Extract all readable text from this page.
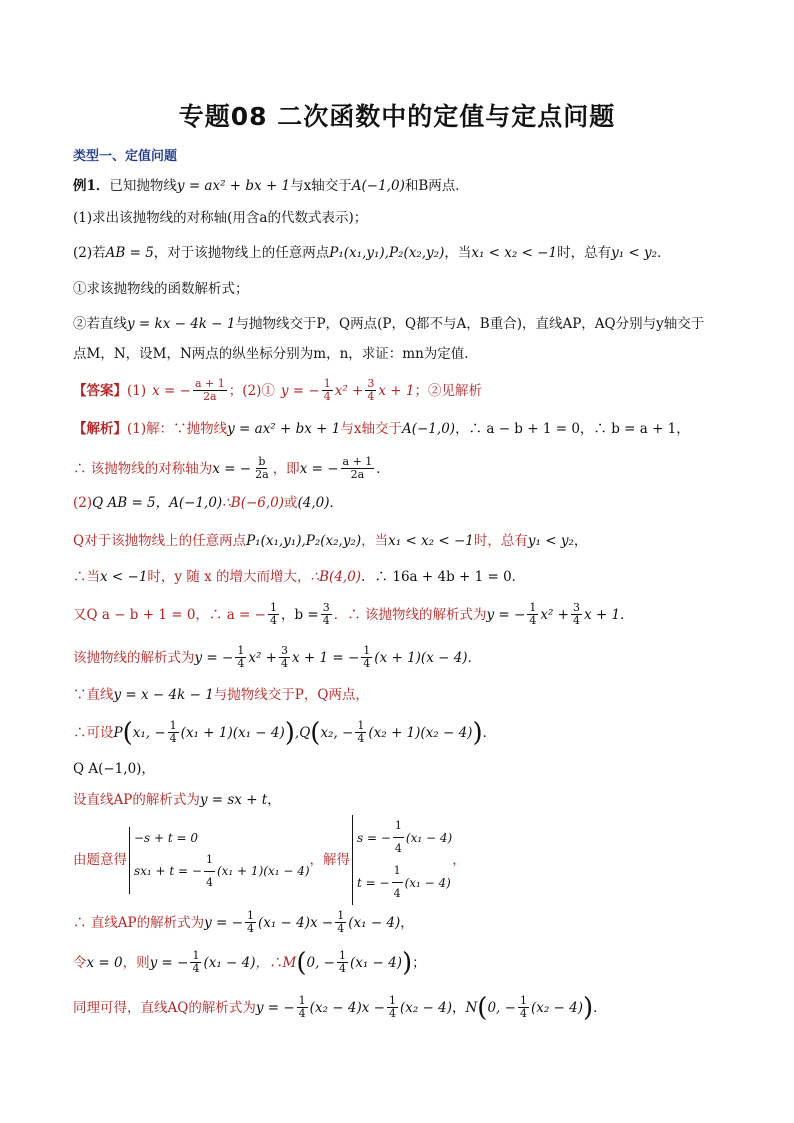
专题08 二次函数中的定值与定点问题
类型一、定值问题
例1． 已知抛物线 y = ax² + bx + 1 与x轴交于 A(−1,0) 和B两点．
(1)求出该抛物线的对称轴(用含a的代数式表示)；
(2)若 AB = 5 ，对于该抛物线上的任意两点 P₁(x₁,y₁),P₂(x₂,y₂) ，当 x₁ < x₂ < −1 时，总有 y₁ < y₂ ．
①求该抛物线的函数解析式；
②若直线 y = kx − 4k − 1 与抛物线交于P，Q两点(P，Q都不与A，B重合)，直线AP，AQ分别与y轴交于
点M，N，设M，N两点的纵坐标分别为m，n，求证：mn为定值．
【答案】 (1) x = − $\frac{a + 1}{2a}$ ；(2)① y = − $\frac{1}{4} x^2 + \frac{3}{4}$ x + 1 ；②见解析
【解析】 (1)解：∵抛物线 y = ax² + bx + 1 与x轴交于 A(−1,0) ，∴ a − b + 1 = 0，∴ b = a + 1，
∴ 该抛物线的对称轴为 x = − $\frac{b}{2a}$ ，即 x = − $\frac{a + 1}{2a}$ ．
(2) Q AB = 5，A(−1,0) ∴B(−6,0) 或 (4,0) ．
Q对于该抛物线上的任意两点 P₁(x₁,y₁),P₂(x₂,y₂) ，当 x₁ < x₂ < −1 时，总有 y₁ < y₂ ，
∴当 x < −1 时，y 随 x 的增大而增大， ∴B(4,0) ．∴ 16a + 4b + 1 = 0．
又Q a − b + 1 = 0，∴ a = − $\frac{1}{4}$ ，$b = \frac{3}{4}$ ．∴ 该抛物线的解析式为 y = − $\frac{1}{4} x^2 + \frac{3}{4}$ x + 1 ．
该抛物线的解析式为 y = − $\frac{1}{4} x^2 + \frac{3}{4}$ x + 1 = − $\frac{1}{4} (x + 1)(x - 4)$ ．
∵直线 y = x − 4k − 1 与抛物线交于P，Q两点，
∴可设 P ( x₁, − $\frac{1}{4} (x_1 + 1)(x_1 - 4)$ ) ,Q ( x₂, − $\frac{1}{4} (x_2 + 1)(x_2 - 4)$ ) ．
Q A(−1,0)，
设直线AP的解析式为 y = sx + t ，
由题意得
−s + t = 0
sx₁ + t = − $\frac{1}{4} (x_1 + 1)(x_1 - 4)$
，解得
s = − $\frac{1}{4} (x_1 - 4)$
t = − $\frac{1}{4} (x_1 - 4)$
，
∴ 直线AP的解析式为 y = − $\frac{1}{4} (x_1 - 4)x - \frac{1}{4} (x_1 - 4)$ ，
令 x = 0 ，则 y = − $\frac{1}{4} (x_1 - 4)$ ，∴M ( 0, − $\frac{1}{4} (x_1 - 4)$ ) ；
同理可得，直线AQ的解析式为 y = − $\frac{1}{4} (x_2 - 4)x - \frac{1}{4} (x_2 - 4)$ ， N ( 0, − $\frac{1}{4} (x_2 - 4)$ ) ．
